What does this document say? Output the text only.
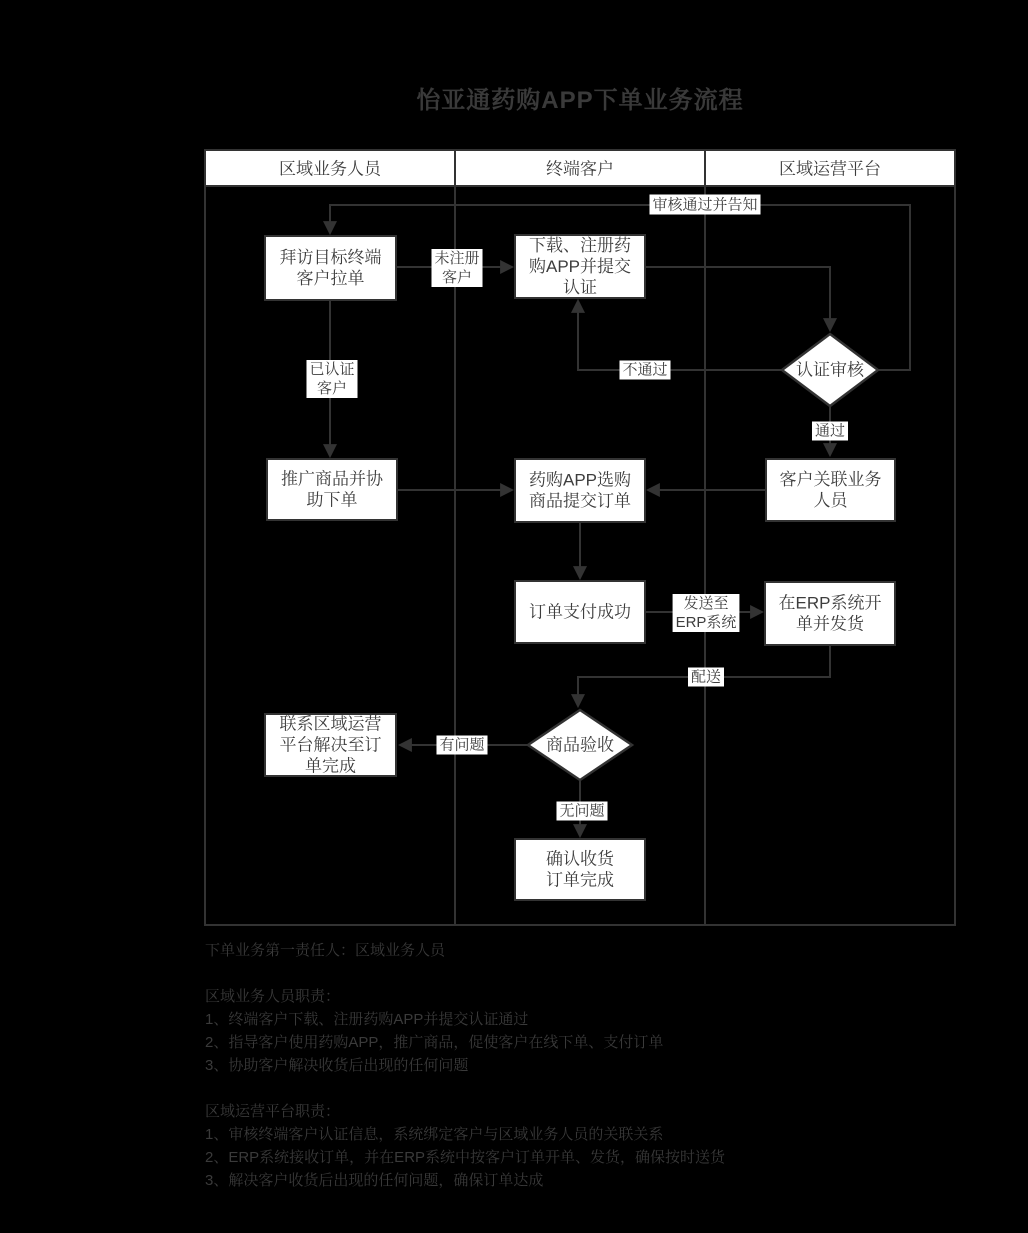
怡亚通药购APP下单业务流程
区域业务人员	终端客户	区域运营平台
拜访目标终端
客户拉单
下载、注册药
购APP并提交
认证
认证审核
推广商品并协
助下单
药购APP选购
商品提交订单
客户关联业务
人员
订单支付成功	在ERP系统开
单并发货
商品验收
联系区域运营
平台解决至订
单完成
确认收货
订单完成
未注册
客户
审核通过并告知
已认证
客户
不通过
通过
发送至
ERP系统
配送
有问题
无问题
下单业务第一责任人：区域业务人员

区域业务人员职责：
1、终端客户下载、注册药购APP并提交认证通过
2、指导客户使用药购APP，推广商品，促使客户在线下单、支付订单
3、协助客户解决收货后出现的任何问题

区域运营平台职责：
1、审核终端客户认证信息，系统绑定客户与区域业务人员的关联关系
2、ERP系统接收订单，并在ERP系统中按客户订单开单、发货，确保按时送货
3、解决客户收货后出现的任何问题，确保订单达成
